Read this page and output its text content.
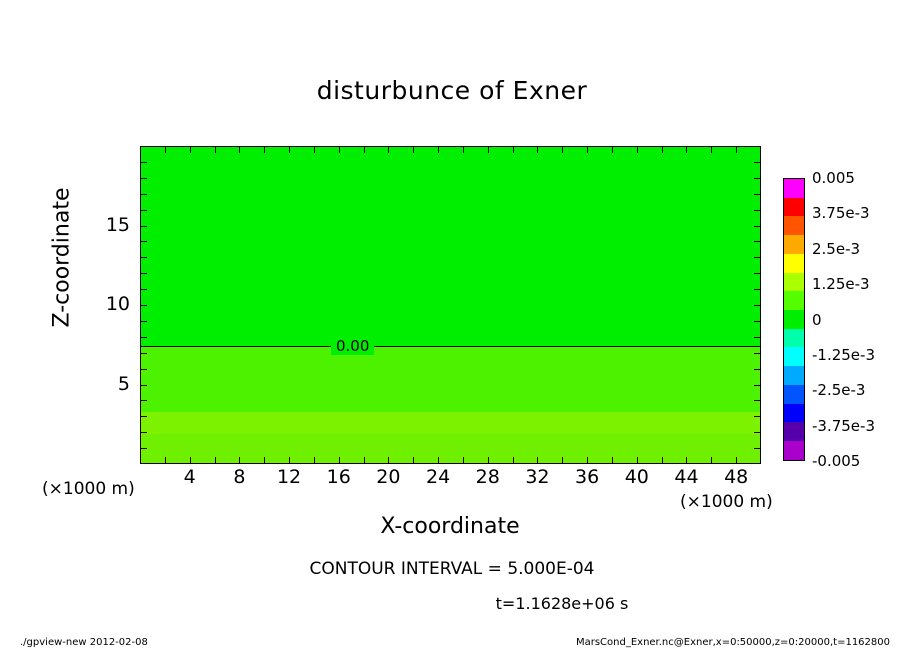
disturbunce of Exner
0.00
4	8	12	16	20	24	28	32	36	40	44	48
5
10
15
Z-coordinate
X-coordinate
(×1000 m)
(×1000 m)
0.005
3.75e-3
2.5e-3
1.25e-3
0
-1.25e-3
-2.5e-3
-3.75e-3
-0.005
CONTOUR INTERVAL = 5.000E-04
t=1.1628e+06 s
./gpview-new 2012-02-08	MarsCond_Exner.nc@Exner,x=0:50000,z=0:20000,t=1162800
